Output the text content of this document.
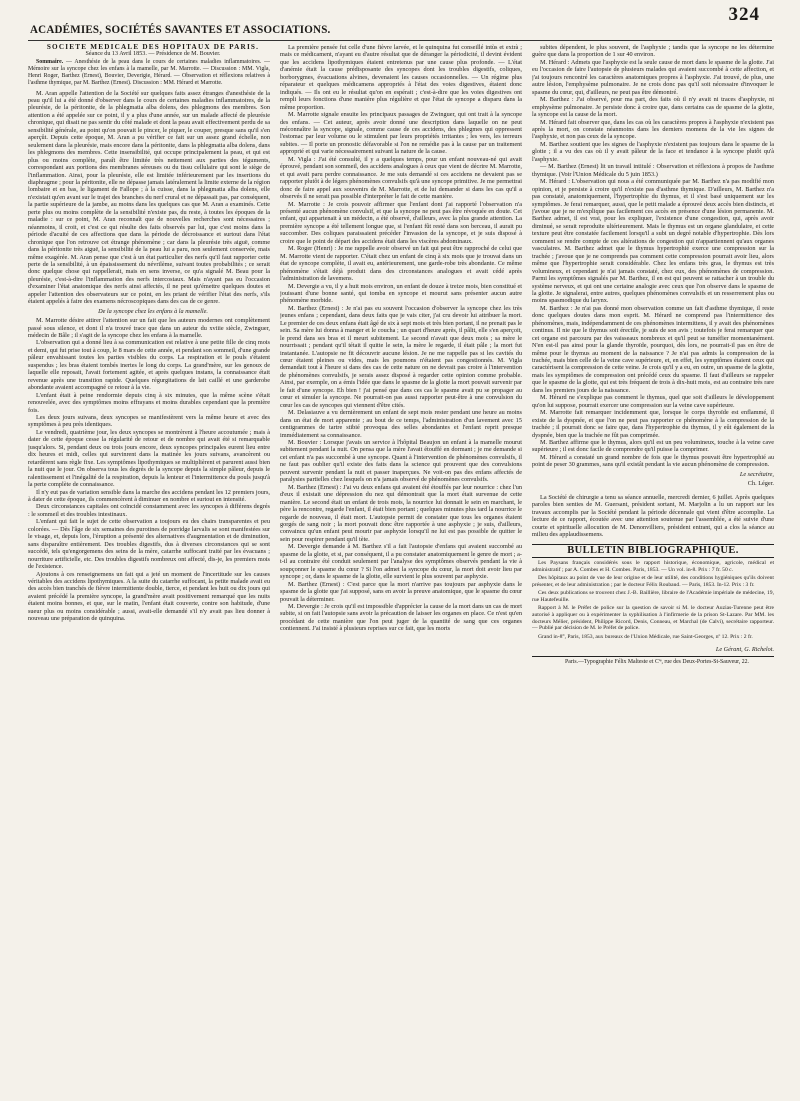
324
ACADÉMIES, SOCIÉTÉS SAVANTES ET ASSOCIATIONS.

SOCIÉTÉ MÉDICALE DES HOPITAUX DE PARIS.

Séance du 13 Avril 1853. — Présidence de M. Bouvier.

Sommaire. — Anesthésie de la peau dans le cours de certaines maladies inflammatoires. — Mémoire sur la syncope chez les enfans à la mamelle, par M. Marrotte. — Discussion : MM. Vigla, Henri Roger, Barthez (Ernest), Bouvier, Deverigie, Hérard. — Observation et réflexions relatives à l'asthme thymique, par M. Barthez (Ernest). Discussion : MM. Hérard et Marrotte.

M. Aran appelle l'attention de la Société sur quelques faits assez étranges d'anesthésie de la peau qu'il lui a été donné d'observer dans le cours de certaines maladies inflammatoires, de la pleurésie, de la péritonite, de la phlegmatia alba dolens, des phlegmons des membres. Son attention a été appelée sur ce point, il y a plus d'une année, sur un malade affecté de pleurésie chronique, qui disait ne pas sentir du côté malade et dont la peau avait effectivement perdu de sa sensibilité générale, au point qu'on pouvait le pincer, le piquer, le couper, presque sans qu'il s'en aperçût. Depuis cette époque, M. Aran a pu vérifier ce fait sur un assez grand échelle, non seulement dans la pleurésie, mais encore dans la péritonite, dans la phlegmatia alba dolens, dans les phlegmons des membres. Cette insensibilité, qui occupe principalement la peau, et qui est plus ou moins complète, paraît être limitée très nettement aux parties des téguments, correspondant aux portions des membranes séreuses ou du tissu cellulaire qui sont le siège de l'inflammation. Ainsi, pour la pleurésie, elle est limitée inférieurement par les insertions du diaphragme ; pour la péritonite, elle ne dépasse jamais latéralement la limite externe de la région lombaire et en bas, le ligament de Fallope ; à la cuisse, dans la phlegmatia alba dolens, elle n'existait qu'en avant sur le trajet des branches du nerf crural et ne dépassait pas, par conséquent, la partie supérieure de la jambe, au moins dans les quelques cas que M. Aran a examinés. Cette perte plus ou moins complète de la sensibilité n'existe pas, du reste, à toutes les époques de la maladie : sur ce point, M. Aran reconnaît que de nouvelles recherches sont nécessaires ; néanmoins, il croit, et c'est ce qui résulte des faits observés par lui, que c'est moins dans la période d'acuité de ces affections que dans la période de décroissance et surtout dans l'état chronique que l'on retrouve cet étrange phénomène ; car dans la pleurésie très aiguë, comme dans la péritonite très aiguë, la sensibilité de la peau lui a paru, non seulement conservée, mais même exagérée. M. Aran pense que c'est à un état particulier des nerfs qu'il faut rapporter cette perte de la sensibilité, à un épaississement du névrilème, suivant toutes probabilités ; ce serait donc quelque chose qui rappellerait, mais en sens inverse, ce qu'a signalé M. Beau pour la pleurésie, c'est-à-dire l'inflammation des nerfs intercostaux. Mais n'ayant pas eu l'occasion d'examiner l'état anatomique des nerfs ainsi affectés, il ne peut qu'émettre quelques doutes et appeler l'attention des observateurs sur ce point, en les priant de vérifier l'état des nerfs, s'ils étaient appelés à faire des examens nécroscopiques dans des cas de ce genre.

De la syncope chez les enfans à la mamelle.

M. Marrotte désire attirer l'attention sur un fait que les auteurs modernes ont complètement passé sous silence, et dont il n'a trouvé trace que dans un auteur du xviiie siècle, Zwinguer, médecin de Bâle ; il s'agit de la syncope chez les enfans à la mamelle.

L'observation qui a donné lieu à sa communication est relative à une petite fille de cinq mois et demi, qui fut prise tout à coup, le 8 mars de cette année, et pendant son sommeil, d'une grande pâleur envahissant toutes les parties visibles du corps. La respiration et le pouls s'étaient suspendus ; les bras étaient tombés inertes le long du corps. La grand'mère, sur les genoux de laquelle elle reposait, l'avait fortement agitée, et après quelques instans, la connaissance était revenue après une transition rapide. Quelques régurgitations de lait caillé et une garderobe abondante avaient accompagné ce retour à la vie.

L'enfant était à peine rendormie depuis cinq à six minutes, que la même scène s'était renouvelée, avec des symptômes moins effrayans et moins durables cependant que la première fois.

Les deux jours suivans, deux syncopes se manifestèrent vers la même heure et avec des symptômes à peu près identiques.

Le vendredi, quatrième jour, les deux syncopes se montrèrent à l'heure accoutumée ; mais à dater de cette époque cesse la régularité de retour et de nombre qui avait été si remarquable jusqu'alors. Si, pendant deux ou trois jours encore, deux syncopes principales eurent lieu entre dix heures et midi, celles qui survinrent dans la matinée les jours suivans, avancèrent ou retardèrent sans règle fixe. Les symptômes lipothymiques se multiplièrent et parurent aussi bien la nuit que le jour. On observa tous les degrés de la syncope depuis la simple pâleur, depuis le ralentissement et l'inégalité de la respiration, depuis la lenteur et l'intermittence du pouls jusqu'à la perte complète de connaissance.

Il n'y eut pas de variation sensible dans la marche des accidens pendant les 12 premiers jours, à dater de cette époque, ils commencèrent à diminuer en nombre et surtout en intensité.

Deux circonstances capitales ont coïncidé constamment avec les syncopes à différens degrés : le sommeil et des troubles intestinaux.

L'enfant qui fait le sujet de cette observation a toujours eu des chairs transparentes et peu colorées. — Dès l'âge de six semaines des purotines de porridge larvalis se sont manifestées sur le visage, et, depuis lors, l'éruption a présenté des alternatives d'augmentation et de diminution, sans disparaître entièrement. Des troubles digestifs, dus à diverses circonstances qui se sont succédé, tels qu'engorgemens des seins de la mère, catarrhe suffocant traité par les évacuans ; nourriture artificielle, etc. Des troubles digestifs nombreux ont affecté, dis-je, les premiers mois de l'existence.

Ajoutons à ces renseignemens un fait qui a jeté un moment de l'incertitude sur les causes véritables des accidens lipothymiques. A la suite du catarrhe suffocant, la petite malade avait eu des accès bien tranchés de fièvre intermittente double, tierce, et pendant les huit ou dix jours qui avaient précédé la première syncope, la grand'mère avait positivement remarqué que les nuits étaient moins bonnes, et que, sur le matin, l'enfant était couverte, contre son habitude, d'une sueur plus ou moins considérable ; aussi, avait-elle demandé s'il n'y avait pas lieu donner à nouveau une préparation de quinquina.

La première pensée fut celle d'une fièvre larvée, et le quinquina fut conseillé intùs et extrà ; mais ce médicament, n'ayant eu d'autre résultat que de déranger la périodicité, il devint évident que les accidens lipothymiques étaient entretenus par une cause plus profonde. — L'état d'anémie était la cause prédisposante des syncopes dont les troubles digestifs, coliques, borborygmes, évacuations alvines, devenaient les causes occasionnelles. — Un régime plus réparateur et quelques médicamens appropriés à l'état des voies digestives, étaient donc indiqués. — Ils ont eu le résultat qu'on en espérait ; c'est-à-dire que les voies digestives ont rempli leurs fonctions d'une manière plus régulière et que l'état de syncope a disparu dans la même proportion.

M. Marrotte signale ensuite les principaux passages de Zwinguer, qui ont trait à la syncope des enfans. — Cet auteur, après avoir donné une description dans laquelle on ne peut méconnaître la syncope, signale, comme cause de ces accidens, des phlegmes qui oppressent l'estomac par leur volume ou le stimulent par leurs propriétés irritantes ; les vers, les terreurs subites. — Il porte un pronostic défavorable si l'on ne remédie pas à la cause par un traitement approprié et qui varie nécessairement suivant la nature de la cause.

M. Vigla : J'ai été consulté, il y a quelques temps, pour un enfant nouveau-né qui avait éprouvé, pendant son sommeil, des accidens analogues à ceux que vient de décrire M. Marrotte, et qui avait paru perdre connaissance. Je me suis demandé si ces accidens ne devaient pas se rapporter plutôt à de légers phénomènes convulsifs qu'à une syncope primitive. Je me permettrai donc de faire appel aux souvenirs de M. Marrotte, et de lui demander si dans les cas qu'il a observés il ne serait pas possible d'interpréter le fait de cette manière.

M. Marrotte : Je crois pouvoir affirmer que l'enfant dont j'ai rapporté l'observation n'a présenté aucun phénomène convulsif, et que la syncope ne peut pas être révoquée en doute. Cet enfant, qui appartenait à un médecin, a été observé, d'ailleurs, avec la plus grande attention. La première syncope a été tellement longue que, si l'enfant fût resté dans son berceau, il aurait pu succomber. Des coliques paraissaient précéder l'invasion de la syncope, et je suis disposé à croire que le point de départ des accidens était dans les viscères abdominaux.

M. Roger (Henri) : Je me rappelle avoir observé un fait qui peut être rapproché de celui que M. Marrotte vient de rapporter. C'était chez un enfant de cinq à six mois que je trouvai dans un état de syncope complète, il avait eu, antérieurement, une garde-robe très abondante. Ce même phénomène s'était déjà produit dans des circonstances analogues et avait cédé après l'administration de lavemens.

M. Devergie a vu, il y a huit mois environ, un enfant de douze à treize mois, bien constitué et jouissant d'une bonne santé, qui tomba en syncope et mourut sans présenter aucun autre phénomène morbide.

M. Barthez (Ernest) : Je n'ai pas eu souvent l'occasion d'observer la syncope chez les très jeunes enfans ; cependant, dans deux faits que je vais citer, j'ai cru devoir lui attribuer la mort. Le premier de ces deux enfans était âgé de six à sept mois et très bien portant, il ne prenait pas le sein. Sa mère lui donna à manger et le coucha ; un quart d'heure après, il pâlit, elle s'en aperçoit, le prend dans ses bras et il meurt subitement. Le second n'avait que deux mois ; sa mère le nourrissait ; pendant qu'il tétait il quitte le sein, la mère le regarde, il était pâle ; la mort fut instantanée. L'autopsie ne fit découvrir aucune lésion. Je ne me rappelle pas si les cavités du cœur étaient pleines ou vides, mais les poumons n'étaient pas congestionnés. M. Vigla demandait tout à l'heure si dans des cas de cette nature on ne devrait pas croire à l'intervention de phénomènes convulsifs, je serais assez disposé à regarder cette opinion comme probable. Ainsi, par exemple, on a émis l'idée que dans le spasme de la glotte la mort pouvait survenir par le fait d'une syncope. Eh bien ! j'ai pensé que dans ces cas le spasme avait pu se propager au cœur et simuler la syncope. Ne pourrait-on pas aussi rapporter peut-être à une convulsion du cœur les cas de syncopes qui viennent d'être cités.

M. Delasiauve a vu dernièrement un enfant de sept mois rester pendant une heure au moins dans un état de mort apparente ; au bout de ce temps, l'administration d'un lavement avec 15 centigrammes de tartre stibié provoqua des selles abondantes et l'enfant reprit presque immédiatement sa connaissance.

M. Bouvier : Lorsque j'avais un service à l'hôpital Beaujon un enfant à la mamelle mourut subitement pendant la nuit. On pensa que la mère l'avait étouffé en dormant ; je me demande si cet enfant n'a pas succombé à une syncope. Quant à l'intervention de phénomènes convulsifs, il ne faut pas oublier qu'il existe des faits dans la science qui prouvent que des convulsions peuvent survenir pendant la nuit et passer inaperçues. Ne voit-on pas des enfans affectés de paralysies partielles chez lesquels on n'a jamais observé de phénomènes convulsifs.

M. Barthez (Ernest) : J'ai vu deux enfans qui avaient été étouffés par leur nourrice : chez l'un d'eux il existait une dépression du nez qui démontrait que la mort était survenue de cette manière. Le second était un enfant de trois mois, la nourrice lui donnait le sein en marchant, le père la rencontre, regarde l'enfant, il était bien portant ; quelques minutes plus tard la nourrice le regarde de nouveau, il était mort. L'autopsie permit de constater que tous les organes étaient gorgés de sang noir ; la mort pouvait donc être rapportée à une asphyxie ; je suis, d'ailleurs, convaincu qu'un enfant peut mourir par asphyxie lorsqu'il ne lui est pas possible de quitter le sein pour respirer pendant qu'il tète.

M. Devergie demande à M. Barthez s'il a fait l'autopsie d'enfans qui avaient succombé au spasme de la glotte, et si, par conséquent, il a pu constater anatomiquement le genre de mort ; a-t-il au contraire été conduit seulement par l'analyse des symptômes observés pendant la vie à soupçonner le spasme du cœur ? Si l'on admet la syncope du cœur, la mort doit avoir lieu par syncope ; or, dans le spasme de la glotte, elle survient le plus souvent par asphyxie.

M. Barthez (Ernest) : C'est parce que la mort n'arrive pas toujours par asphyxie dans le spasme de la glotte que j'ai supposé, sans en avoir la preuve anatomique, que le spasme du cœur pouvait la déterminer.

M. Devergie : Je crois qu'il est impossible d'apprécier la cause de la mort dans un cas de mort subite, si on fait l'autopsie sans avoir la précaution de laisser les organes en place. Ce n'est qu'en procédant de cette manière que l'on peut juger de la quantité de sang que ces organes contiennent. J'ai insisté à plusieurs reprises sur ce fait, que les morts

subites dépendent, le plus souvent, de l'asphyxie ; tandis que la syncope ne les détermine guère que dans la proportion de 1 sur 40 environ.

M. Hérard : Admets que l'asphyxie est la seule cause de mort dans le spasme de la glotte. J'ai eu l'occasion de faire l'autopsie de plusieurs malades qui avaient succombé à cette affection, et j'ai toujours rencontré les caractères anatomiques propres à l'asphyxie. J'ai trouvé, de plus, une autre lésion, l'emphysème pulmonaire. Je ne crois donc pas qu'il soit nécessaire d'invoquer le spasme du cœur, qui, d'ailleurs, ne peut pas être démontré.

M. Barthez : J'ai observé, pour ma part, des faits où il n'y avait ni traces d'asphyxie, ni emphysème pulmonaire. Je persiste donc à croire que, dans certains cas de spasme de la glotte, la syncope est la cause de la mort.

M. Hérard fait observer que, dans les cas où les caractères propres à l'asphyxie n'existent pas après la mort, on constate néanmoins dans les derniers momens de la vie les signes de l'asphyxie, et non pas ceux de la syncope.

M. Barthez soutient que les signes de l'asphyxie n'existent pas toujours dans le spasme de la glotte ; il a vu des cas où il y avait pâleur de la face et tendance à la syncope plutôt qu'à l'asphyxie.

— M. Barthez (Ernest) lit un travail intitulé : Observation et réflexions à propos de l'asthme thymique. (Voir l'Union Médicale du 5 juin 1853.)

M. Hérard : L'observation qui nous a été communiquée par M. Barthez n'a pas modifié mon opinion, et je persiste à croire qu'il n'existe pas d'asthme thymique. D'ailleurs, M. Barthez n'a pas constaté, anatomiquement, l'hypertrophie du thymus, et il s'est basé uniquement sur les symptômes. Je ferai remarquer, aussi, que le petit malade a éprouvé deux accès bien distincts, et j'avoue que je ne m'explique pas facilement ces accès en présence d'une lésion permanente. M. Barthez admet, il est vrai, pour les expliquer, l'existence d'une congestion, qui, après avoir diminué, se serait reproduite ultérieurement. Mais le thymus est un organe glandulaire, et cette texture peut être constatée facilement lorsqu'il a subi un degré notable d'hypertrophie. Dès lors comment se rendre compte de ces altérations de congestion qui n'appartiennent qu'aux organes vasculaires. M. Barthez admet que le thymus hypertrophié exerce une compression sur la trachée ; j'avoue que je ne comprends pas comment cette compression pourrait avoir lieu, alors même que l'hypertrophie serait considérable. Chez les enfans très gras, le thymus est très volumineux, et cependant je n'ai jamais constaté, chez eux, des phénomènes de compression. Parmi les symptômes signalés par M. Barthez, il en est qui peuvent se rattacher à un trouble du système nerveux, et qui ont une certaine analogie avec ceux que l'on observe dans le spasme de la glotte. Je signalerai, entre autres, quelques phénomènes convulsifs et un resserrement plus ou moins spasmodique du larynx.

M. Barthez : Je n'ai pas donné mon observation comme un fait d'asthme thymique, il reste donc quelques doutes dans mon esprit. M. Hérard ne comprend pas l'intermittence des phénomènes, mais, indépendamment de ces phénomènes intermittens, il y avait des phénomènes continus. Il nie que le thymus soit érectile, je suis de son avis ; toutefois je ferai remarquer que cet organe est parcouru par des vaisseaux nombreux et qu'il peut se tuméfier momentanément. N'en est-il pas ainsi pour la glande thyroïde, pourquoi, dès lors, ne pourrait-il pas en être de même pour le thymus au moment de la naissance ? Je n'ai pas admis la compression de la trachée, mais bien celle de la veine cave supérieure, et, en effet, les symptômes étaient ceux qui caractérisent la compression de cette veine. Je crois qu'il y a eu, en outre, un spasme de la glotte, mais les symptômes de compression ont précédé ceux du spasme. Il faut d'ailleurs se rappeler que le spasme de la glotte, qui est très fréquent de trois à dix-huit mois, est au contraire très rare dans les premiers jours de la naissance.

M. Hérard ne s'explique pas comment le thymus, quel que soit d'ailleurs le développement qu'on lui suppose, pourrait exercer une compression sur la veine cave supérieure.

M. Marrotte fait remarquer incidemment que, lorsque le corps thyroïde est enflammé, il existe de la dyspnée, et que l'on ne peut pas rapporter ce phénomène à la compression de la trachée ; il pourrait donc se faire que, dans l'hypertrophie du thymus, il y eût également de la dyspnée, bien que la trachée ne fût pas comprimée.

M. Barthez affirme que le thymus, alors qu'il est un peu volumineux, touche à la veine cave supérieure ; il est donc facile de comprendre qu'il puisse la comprimer.

M. Hérard a constaté un grand nombre de fois que le thymus pouvait être hypertrophié au point de peser 30 grammes, sans qu'il existât pendant la vie aucun phénomène de compression.

Le secrétaire,

Ch. Léger.

La Société de chirurgie a tenu sa séance annuelle, mercredi dernier, 6 juillet. Après quelques paroles bien senties de M. Guersant, président sortant, M. Marjolin a lu un rapport sur les travaux accomplis par la Société pendant la période décennale qui vient d'être accomplie. La lecture de ce rapport, écoutée avec une attention soutenue par l'assemblée, a été suivie d'une courte et spirituelle allocution de M. Denonvilliers, président entrant, qui a clos la séance au milieu des applaudissemens.

BULLETIN BIBLIOGRAPHIQUE.

Les Paysans français considérés sous le rapport historique, économique, agricole, médical et administratif ; par A. Combes et H. Combes. Paris, 1853. — Un vol. in-8. Prix : 7 fr. 50 c.

Des hôpitaux au point de vue de leur origine et de leur utilité, des conditions hygiéniques qu'ils doivent présenter, et de leur administration ; par le docteur Félix Roubaud. — Paris, 1853. In-12. Prix : 3 fr.

Ces deux publications se trouvent chez J.-B. Baillière, libraire de l'Académie impériale de médecine, 19, rue Hautefeuille.

Rapport à M. le Préfet de police sur la question de savoir si M. le docteur Auzias-Turenne peut être autorisé à appliquer ou à expérimenter la syphilisation à l'infirmerie de la prison St-Lazare. Par MM. les docteurs Mélier, président, Philippe Ricord, Denis, Conneau, et Marchal (de Calvi), secrétaire rapporteur. — Publié par décision de M. le Préfet de police.

Grand in-8°, Paris, 1853, aux bureaux de l'Union Médicale, rue Saint-Georges, nº 12. Prix : 2 fr.

Le Gérant, G. Richelot.

Paris.—Typographie Félix Malteste et Cⁱᵉ, rue des Deux-Portes-St-Sauveur, 22.
